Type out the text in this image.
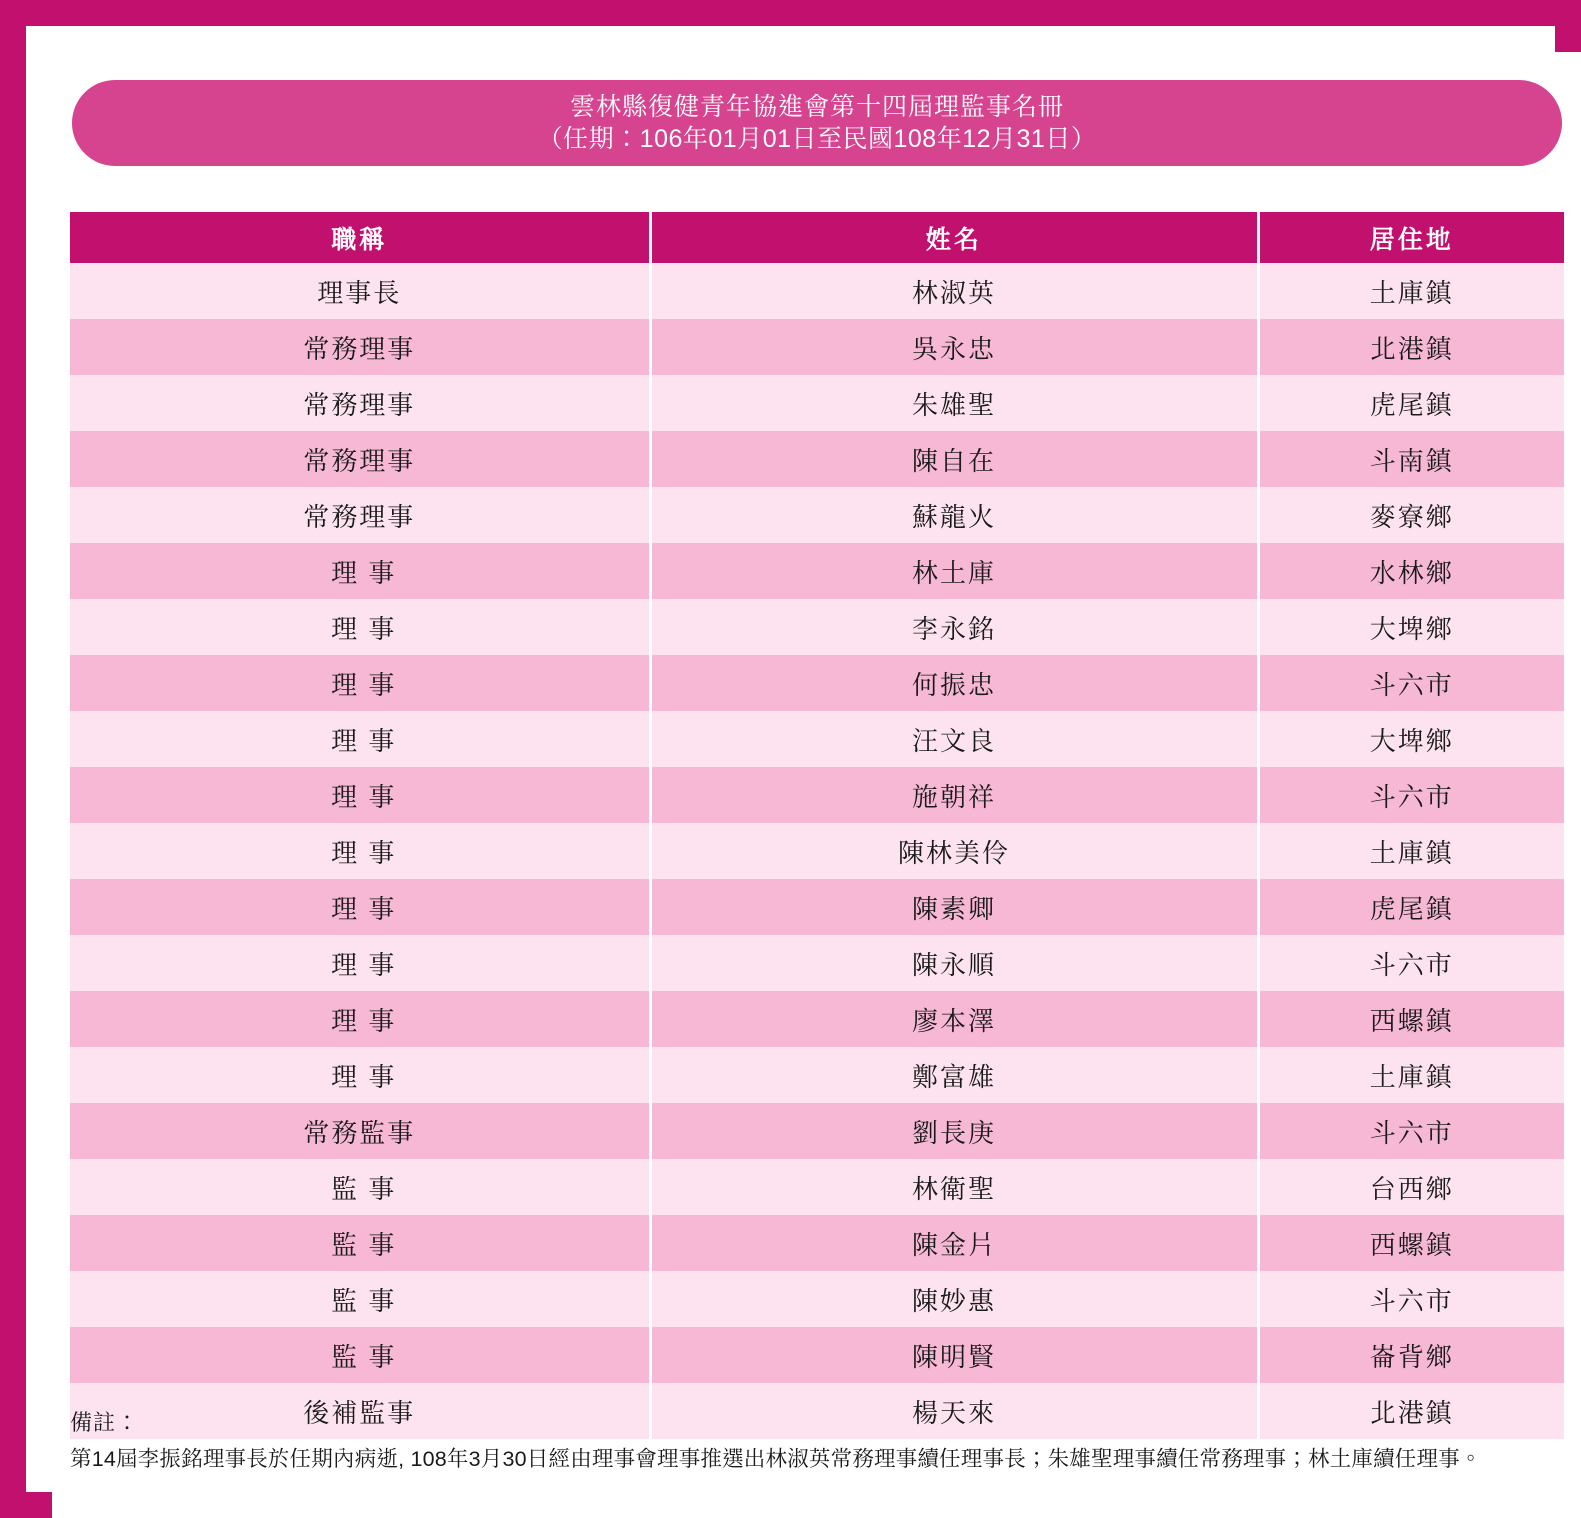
雲林縣復健青年協進會第十四屆理監事名冊
（任期：106年01月01日至民國108年12月31日）
職稱	姓名	居住地
理事長	林淑英	土庫鎮
常務理事	吳永忠	北港鎮
常務理事	朱雄聖	虎尾鎮
常務理事	陳自在	斗南鎮
常務理事	蘇龍火	麥寮鄉
理 事	林土庫	水林鄉
理 事	李永銘	大埤鄉
理 事	何振忠	斗六市
理 事	汪文良	大埤鄉
理 事	施朝祥	斗六市
理 事	陳林美伶	土庫鎮
理 事	陳素卿	虎尾鎮
理 事	陳永順	斗六市
理 事	廖本澤	西螺鎮
理 事	鄭富雄	土庫鎮
常務監事	劉長庚	斗六市
監 事	林衛聖	台西鄉
監 事	陳金片	西螺鎮
監 事	陳妙惠	斗六市
監 事	陳明賢	崙背鄉
後補監事	楊天來	北港鎮
備註：
第14屆李振銘理事長於任期內病逝, 108年3月30日經由理事會理事推選出林淑英常務理事續任理事長；朱雄聖理事續任常務理事；林土庫續任理事。
